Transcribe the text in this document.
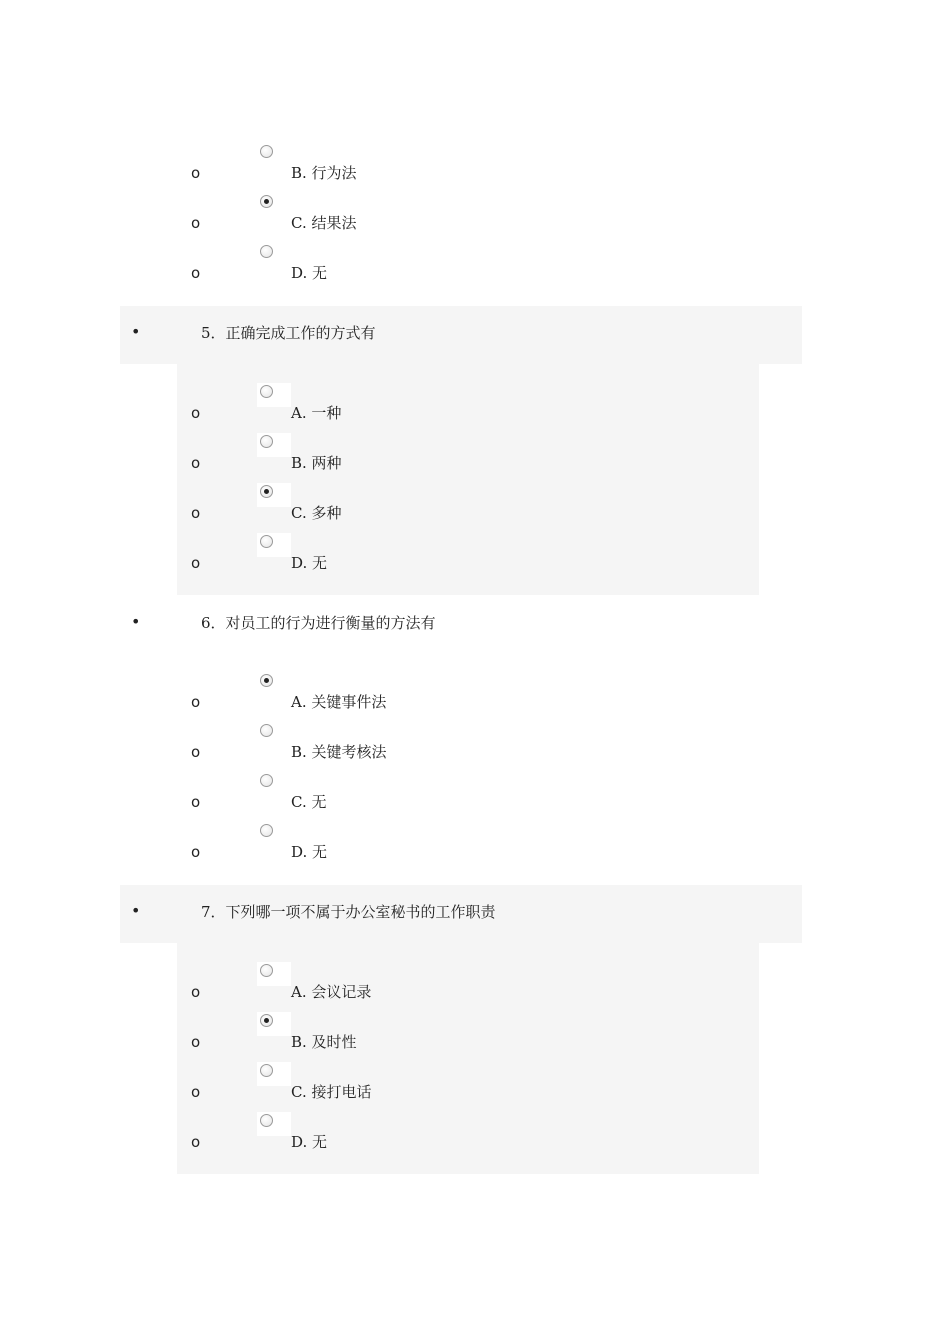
o	B. 行为法
o	C. 结果法
o	D. 无
•	5．正确完成工作的方式有
o	A. 一种
o	B. 两种
o	C. 多种
o	D. 无
•	6．对员工的行为进行衡量的方法有
o	A. 关键事件法
o	B. 关键考核法
o	C. 无
o	D. 无
•	7．下列哪一项不属于办公室秘书的工作职责
o	A. 会议记录
o	B. 及时性
o	C. 接打电话
o	D. 无
